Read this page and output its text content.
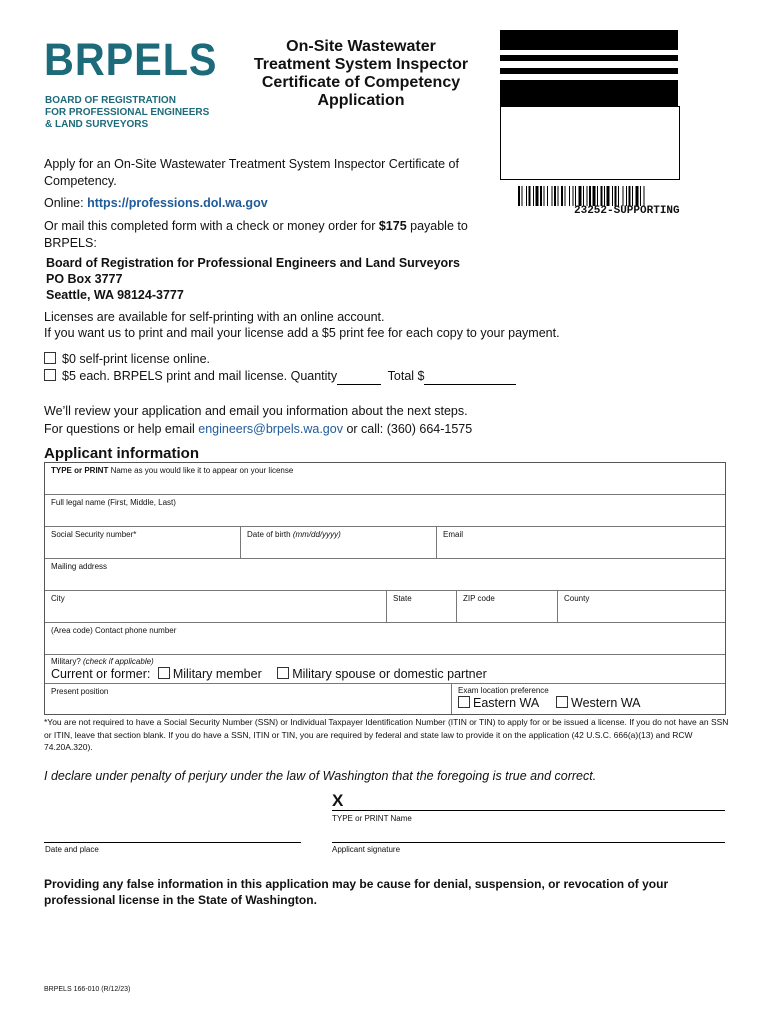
BRPELS
BOARD OF REGISTRATION
FOR PROFESSIONAL ENGINEERS
& LAND SURVEYORS
On-Site Wastewater
Treatment System Inspector
Certificate of Competency
Application
23252-SUPPORTING
Apply for an On-Site Wastewater Treatment System Inspector Certificate of Competency.
Online: https://professions.dol.wa.gov
Or mail this completed form with a check or money order for $175 payable to BRPELS:
Board of Registration for Professional Engineers and Land Surveyors
PO Box 3777
Seattle, WA 98124-3777
Licenses are available for self-printing with an online account.
If you want us to print and mail your license add a $5 print fee for each copy to your payment.
$0 self-print license online.
$5 each. BRPELS print and mail license. Quantity	Total $
We’ll review your application and email you information about the next steps.
For questions or help email engineers@brpels.wa.gov or call: (360) 664-1575
Applicant information
TYPE or PRINT Name as you would like it to appear on your license
Full legal name (First, Middle, Last)
Social Security number*	Date of birth (mm/dd/yyyy)	Email
Mailing address
City	State	ZIP code	County
(Area code) Contact phone number
Military? (check if applicable)
Current or former: Military member Military spouse or domestic partner
Present position	Exam location preference
Eastern WA	Western WA
*You are not required to have a Social Security Number (SSN) or Individual Taxpayer Identification Number (ITIN or TIN) to apply for or be issued a license. If you do not have an SSN or ITIN, leave that section blank. If you do have a SSN, ITIN or TIN, you are required by federal and state law to provide it on the application (42 U.S.C. 666(a)(13) and RCW 74.20A.320).
I declare under penalty of perjury under the law of Washington that the foregoing is true and correct.
X
TYPE or PRINT Name
Date and place	Applicant signature
Providing any false information in this application may be cause for denial, suspension, or revocation of your professional license in the State of Washington.
BRPELS 166-010 (R/12/23)
